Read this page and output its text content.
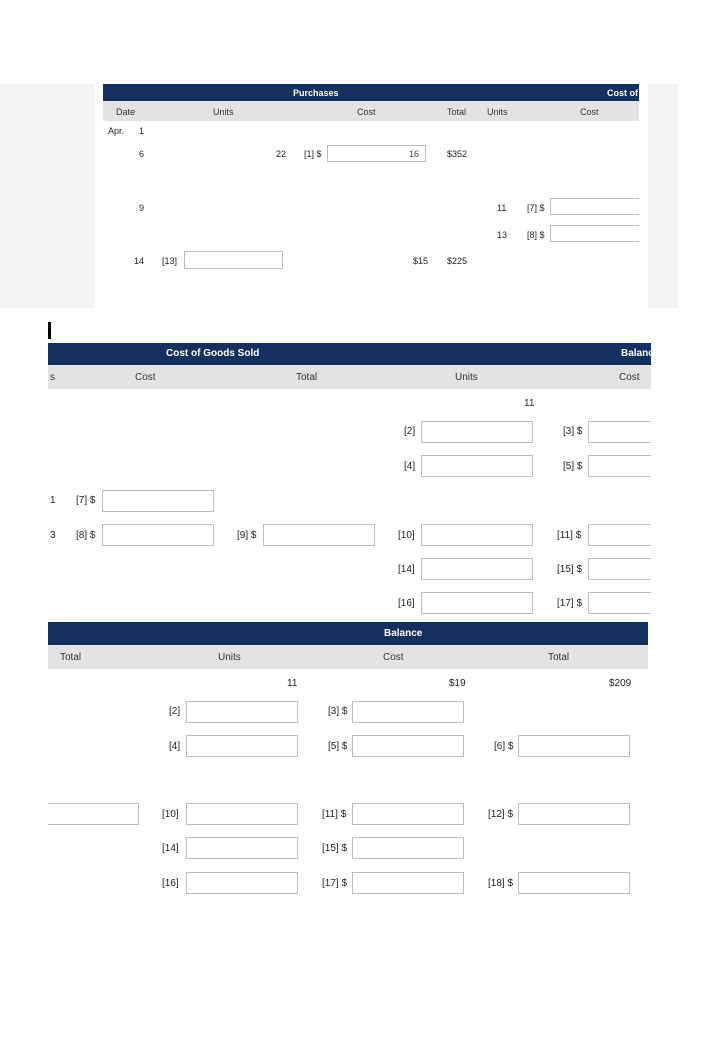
Purchases	Cost of (
Date	Units	Cost	Total Units	Cost
Apr. 1
6	22 [1] $	16	$352
9	11 [7] $
13 [8] $
14 [13]	$15 $225
Cost of Goods Sold	Balanc
s	Cost	Total	Units	Cost
11
[2]	[3] $
[4]	[5] $
1 [7] $
3 [8] $	[9] $	[10]	[11] $
[14]	[15] $
[16]	[17] $
Balance
Total	Units	Cost	Total
11	$19	$209
[2]	[3] $
[4]	[5] $	[6] $
[10]	[11] $	[12] $
[14]	[15] $
[16]	[17] $	[18] $
